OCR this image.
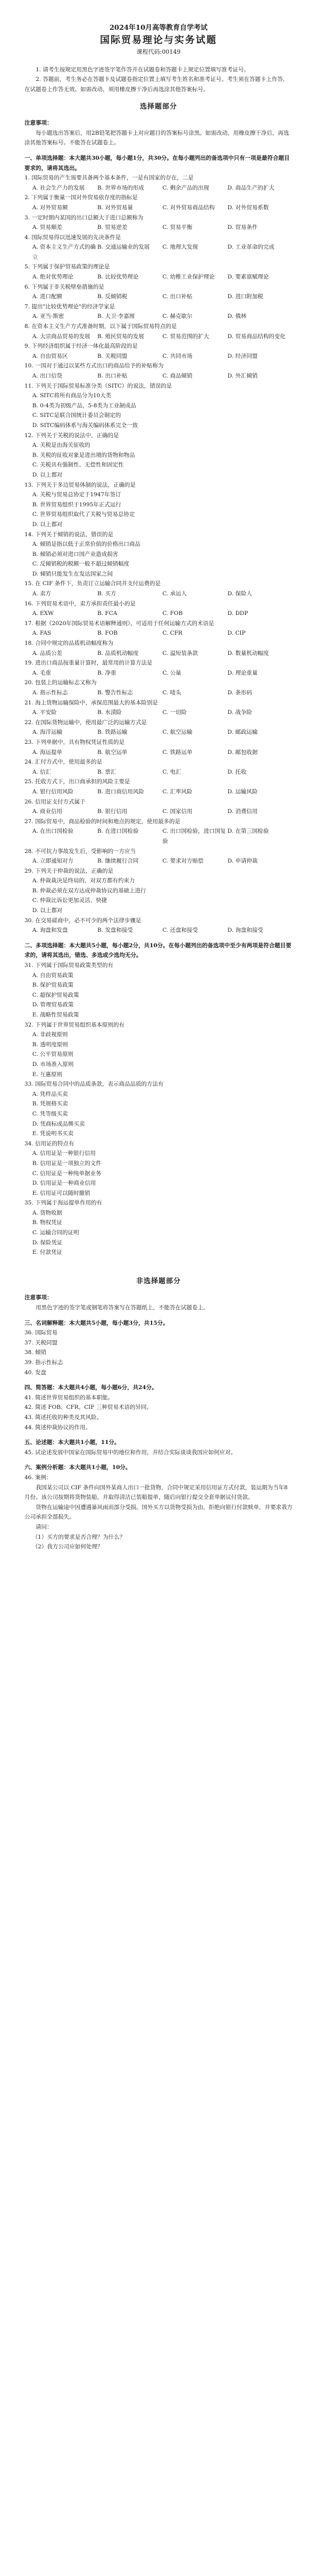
2024年10月高等教育自学考试
国际贸易理论与实务试题
课程代码:00149

1. 请考生按规定用黑色字迹签字笔作答并在试题卷和答题卡上规定位置填写准考证号。

2. 答题前，考生务必在答题卡及试题卷指定位置上填写考生姓名和准考证号。考生须在答题卡上作答，在试题卷上作答无效。如需改动，须用橡皮擦干净后再选涂其他答案标号。

选择题部分

注意事项：

每小题选出答案后，用2B铅笔把答题卡上对应题目的答案标号涂黑。如需改动，用橡皮擦干净后，再选涂其他答案标号。不能答在试题卷上。

一、单项选择题：本大题共30小题，每小题1分，共30分。在每小题列出的备选项中只有一项是最符合题目要求的，请将其选出。

1. 国际贸易的产生需要具备两个基本条件，一是有国家的存在，二是

A. 社会生产力的发展	B. 世界市场的形成	C. 剩余产品的出现	D. 商品生产的扩大

2. 下列属于衡量一国对外贸易依存度的指标是

A. 对外贸易额	B. 对外贸易量	C. 对外贸易商品结构	D. 对外贸易系数

3. 一定时期内某国的出口总额大于进口总额称为

A. 贸易顺差	B. 贸易逆差	C. 贸易平衡	D. 贸易条件

4. 国际贸易得以迅速发展的先决条件是

A. 资本主义生产方式的确立
B. 交通运输业的发展	C. 地理大发现	D. 工业革命的完成

5. 下列属于保护贸易政策的理论是

A. 绝对优势理论	B. 比较优势理论	C. 幼稚工业保护理论	D. 要素禀赋理论

6. 下列属于非关税壁垒措施的是

A. 进口配额	B. 反倾销税	C. 出口补贴	D. 进口附加税

7. 提出"比较优势理论"的经济学家是

A. 亚当·斯密	B. 大卫·李嘉图	C. 赫克歇尔	D. 俄林

8. 在资本主义生产方式准备时期，以下属于国际贸易特点的是

A. 大宗商品贸易的发展	B. 殖民贸易的发展	C. 贸易范围的扩大	D. 贸易商品结构的变化

9. 下列经济组织属于经济一体化最高阶段的是

A. 自由贸易区	B. 关税同盟	C. 共同市场	D. 经济同盟

10. 一国对于通过以某些方式出口的商品给予的补贴称为

A. 出口信贷	B. 出口补贴	C. 商品倾销	D. 外汇倾销

11. 下列关于国际贸易标准分类（SITC）的说法，错误的是

A. SITC将所有商品分为10大类

B. 0-4类为初级产品，5-8类为工业制成品

C. SITC是联合国统计委员会制定的

D. SITC编码体系与海关编码体系完全一致

12. 下列关于关税的说法中，正确的是

A. 关税是由海关征收的

B. 关税的征收对象是进出境的货物和物品

C. 关税具有强制性、无偿性和固定性

D. 以上都对

13. 下列关于多边贸易体制的说法，正确的是

A. 关税与贸易总协定于1947年签订

B. 世界贸易组织于1995年正式运行

C. 世界贸易组织取代了关税与贸易总协定

D. 以上都对

14. 下列关于倾销的说法，错误的是

A. 倾销是指以低于正常价值的价格出口商品

B. 倾销必须对进口国产业造成损害

C. 反倾销税的税额一般不超过倾销幅度

D. 倾销只能发生在发达国家之间

15. 在 CIF 条件下，负责订立运输合同并支付运费的是

A. 卖方	B. 买方	C. 承运人	D. 保险人

16. 下列贸易术语中，卖方承担责任最小的是

A. EXW	B. FCA	C. FOB	D. DDP

17. 根据《2020年国际贸易术语解释通则》，可适用于任何运输方式的术语是

A. FAS	B. FOB	C. CFR	D. CIP

18. 合同中规定的品质机动幅度称为

A. 品质公差	B. 品质机动幅度	C. 溢短装条款	D. 数量机动幅度

19. 进出口商品按重量计算时，最常用的计算方法是

A. 毛重	B. 净重	C. 公量	D. 理论重量

20. 包装上的运输标志又称为

A. 指示性标志	B. 警告性标志	C. 唛头	D. 条形码

21. 海上货物运输保险中，承保范围最大的基本险别是

A. 平安险	B. 水渍险	C. 一切险	D. 战争险

22. 在国际货物运输中，使用最广泛的运输方式是

A. 海洋运输	B. 铁路运输	C. 航空运输	D. 邮政运输

23. 下列单据中，具有物权凭证性质的是

A. 海运提单	B. 航空运单	C. 铁路运单	D. 邮包收据

24. 汇付方式中，使用最多的是

A. 信汇	B. 票汇	C. 电汇	D. 托收

25. 托收方式下，出口商承担的风险主要是

A. 银行信用风险	B. 进口商信用风险	C. 汇率风险	D. 运输风险

26. 信用证支付方式属于

A. 商业信用	B. 银行信用	C. 国家信用	D. 消费信用

27. 国际贸易中，商品检验的时间和地点的规定，使用最多的是

A. 在出口国检验	B. 在进口国检验	C. 出口国检验，进口国复验
D. 在第三国检验

28. 不可抗力事故发生后，受影响的一方应当

A. 立即通知对方	B. 继续履行合同	C. 要求对方赔偿	D. 申请仲裁

29. 下列关于仲裁的说法，正确的是

A. 仲裁裁决是终局的，对双方都有约束力

B. 仲裁必须在双方达成仲裁协议的基础上进行

C. 仲裁比诉讼更加灵活、快捷

D. 以上都对

30. 在交易磋商中，必不可少的两个法律步骤是

A. 询盘和发盘	B. 发盘和接受	C. 还盘和接受	D. 询盘和接受

二、多项选择题：本大题共5小题，每小题2分，共10分。在每小题列出的备选项中至少有两项是符合题目要求的，请将其选出，错选、多选或少选均无分。

31. 下列属于国际贸易政策类型的有

A. 自由贸易政策

B. 保护贸易政策

C. 超保护贸易政策

D. 管理贸易政策

E. 战略性贸易政策

32. 下列属于世界贸易组织基本原则的有

A. 非歧视原则

B. 透明度原则

C. 公平贸易原则

D. 市场准入原则

E. 互惠原则

33. 国际贸易合同中的品质条款，表示商品品质的方法有

A. 凭样品买卖

B. 凭规格买卖

C. 凭等级买卖

D. 凭商标或品牌买卖

E. 凭说明书买卖

34. 信用证的特点有

A. 信用证是一种银行信用

B. 信用证是一项独立的文件

C. 信用证是一种纯单据业务

D. 信用证是一种商业信用

E. 信用证可以随时撤销

35. 下列属于海运提单作用的有

A. 货物收据

B. 物权凭证

C. 运输合同的证明

D. 保险凭证

E. 付款凭证

非选择题部分

注意事项：

用黑色字迹的签字笔或钢笔将答案写在答题纸上，不能答在试题卷上。

三、名词解释题：本大题共5小题，每小题3分，共15分。

36. 国际贸易

37. 关税同盟

38. 倾销

39. 指示性标志

40. 发盘

四、简答题：本大题共4小题，每小题6分，共24分。

41. 简述世界贸易组织的基本职能。

42. 简述 FOB、CFR、CIF 三种贸易术语的异同。

43. 简述托收的种类及其风险。

44. 简述仲裁协议的作用。

五、论述题：本大题共1小题，11分。

45. 试论述发展中国家在国际贸易中的地位和作用，并结合实际谈谈我国应如何应对。

六、案例分析题：本大题共1小题，10分。

46. 案例：

我国某公司以 CIF 条件向国外某商人出口一批货物，合同中规定采用信用证方式付款，装运期为当年8月份。该公司按期将货物装船，并取得清洁已装船提单，随后向银行提交全套单据议付货款。

货物在运输途中因遭遇暴风雨而部分受损。国外买方以货物受损为由，拒绝向银行付款赎单，并要求我方公司承担全部损失。

请问：

（1）买方的要求是否合理？为什么？

（2）我方公司应如何处理？
